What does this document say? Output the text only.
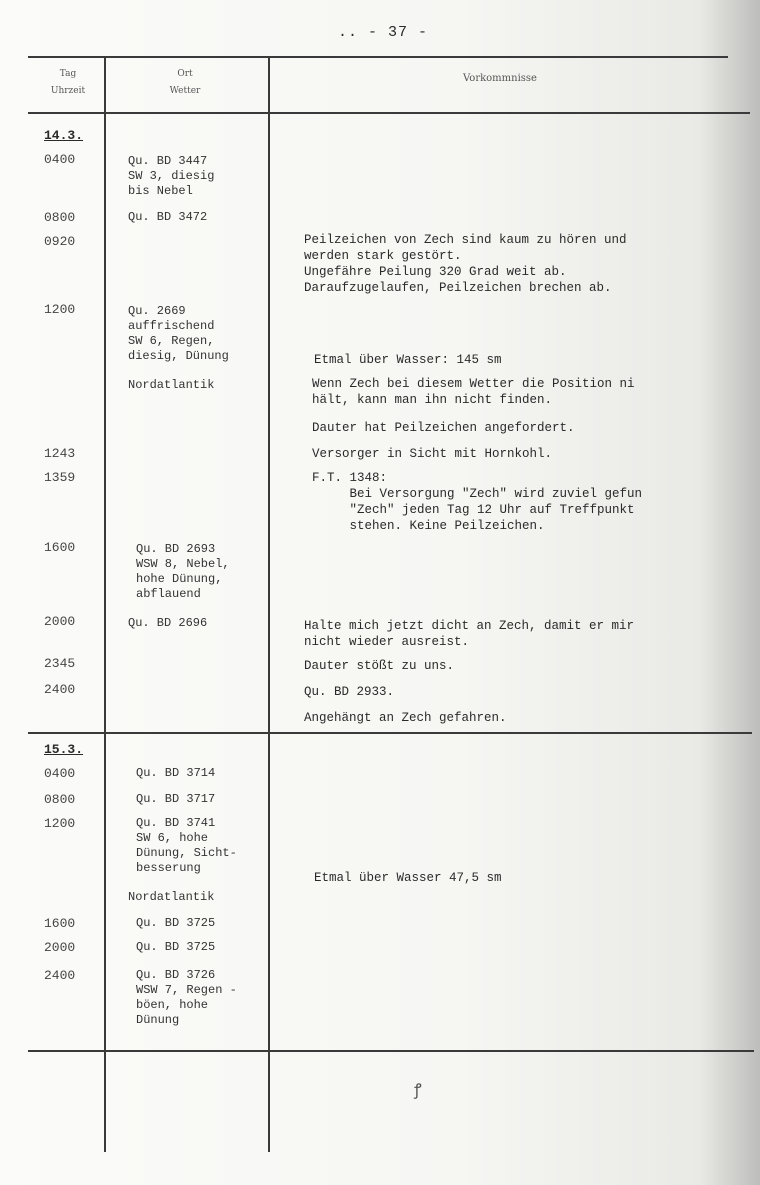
.. - 37 -
Tag
Uhrzeit
Ort
Wetter
Vorkommnisse
14.3.
0400
0800
0920
1200
1243
1359
1600
2000
2345
2400
Qu. BD 3447
SW 3, diesig
bis Nebel
Qu. BD 3472
Qu. 2669
auffrischend
SW 6, Regen,
diesig, Dünung
Nordatlantik
Qu. BD 2693
WSW 8, Nebel,
hohe Dünung,
abflauend
Qu. BD 2696
Peilzeichen von Zech sind kaum zu hören und
werden stark gestört.
Ungefähre Peilung 320 Grad weit ab.
Daraufzugelaufen, Peilzeichen brechen ab.
Etmal über Wasser: 145 sm
Wenn Zech bei diesem Wetter die Position ni
hält, kann man ihn nicht finden.
Dauter hat Peilzeichen angefordert.
Versorger in Sicht mit Hornkohl.
F.T. 1348:
Bei Versorgung "Zech" wird zuviel gefun
"Zech" jeden Tag 12 Uhr auf Treffpunkt
stehen. Keine Peilzeichen.
Halte mich jetzt dicht an Zech, damit er mir
nicht wieder ausreist.
Dauter stößt zu uns.
Qu. BD 2933.
Angehängt an Zech gefahren.
15.3.
0400
0800
1200
1600
2000
2400
Qu. BD 3714
Qu. BD 3717
Qu. BD 3741
SW 6, hohe
Dünung, Sicht-
besserung
Nordatlantik
Qu. BD 3725
Qu. BD 3725
Qu. BD 3726
WSW 7, Regen -
böen, hohe
Dünung
Etmal über Wasser 47,5 sm
ꝭ
